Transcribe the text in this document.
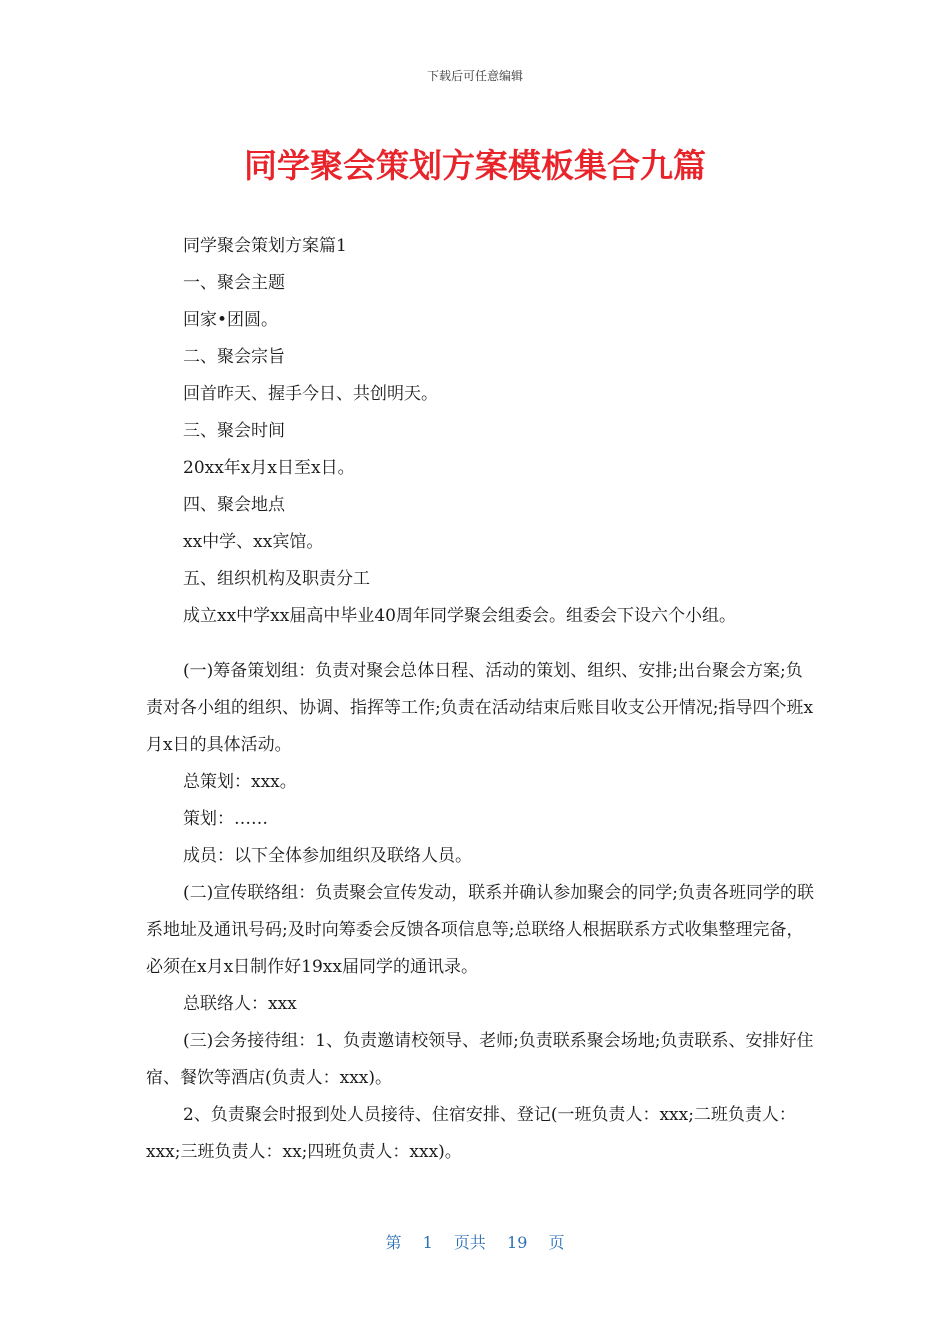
下载后可任意编辑
同学聚会策划方案模板集合九篇

同学聚会策划方案篇1

一、聚会主题

回家•团圆。

二、聚会宗旨

回首昨天、握手今日、共创明天。

三、聚会时间

20xx年x月x日至x日。

四、聚会地点

xx中学、xx宾馆。

五、组织机构及职责分工

成立xx中学xx届高中毕业40周年同学聚会组委会。组委会下设六个小组。

(一)筹备策划组：负责对聚会总体日程、活动的策划、组织、安排;出台聚会方案;负责对各小组的组织、协调、指挥等工作;负责在活动结束后账目收支公开情况;指导四个班x月x日的具体活动。

总策划：xxx。

策划：……

成员：以下全体参加组织及联络人员。

(二)宣传联络组：负责聚会宣传发动，联系并确认参加聚会的同学;负责各班同学的联系地址及通讯号码;及时向筹委会反馈各项信息等;总联络人根据联系方式收集整理完备，必须在x月x日制作好19xx届同学的通讯录。

总联络人：xxx

(三)会务接待组：1、负责邀请校领导、老师;负责联系聚会场地;负责联系、安排好住宿、餐饮等酒店(负责人：xxx)。

2、负责聚会时报到处人员接待、住宿安排、登记(一班负责人：xxx;二班负责人：xxx;三班负责人：xx;四班负责人：xxx)。

第 1 页共 19 页
